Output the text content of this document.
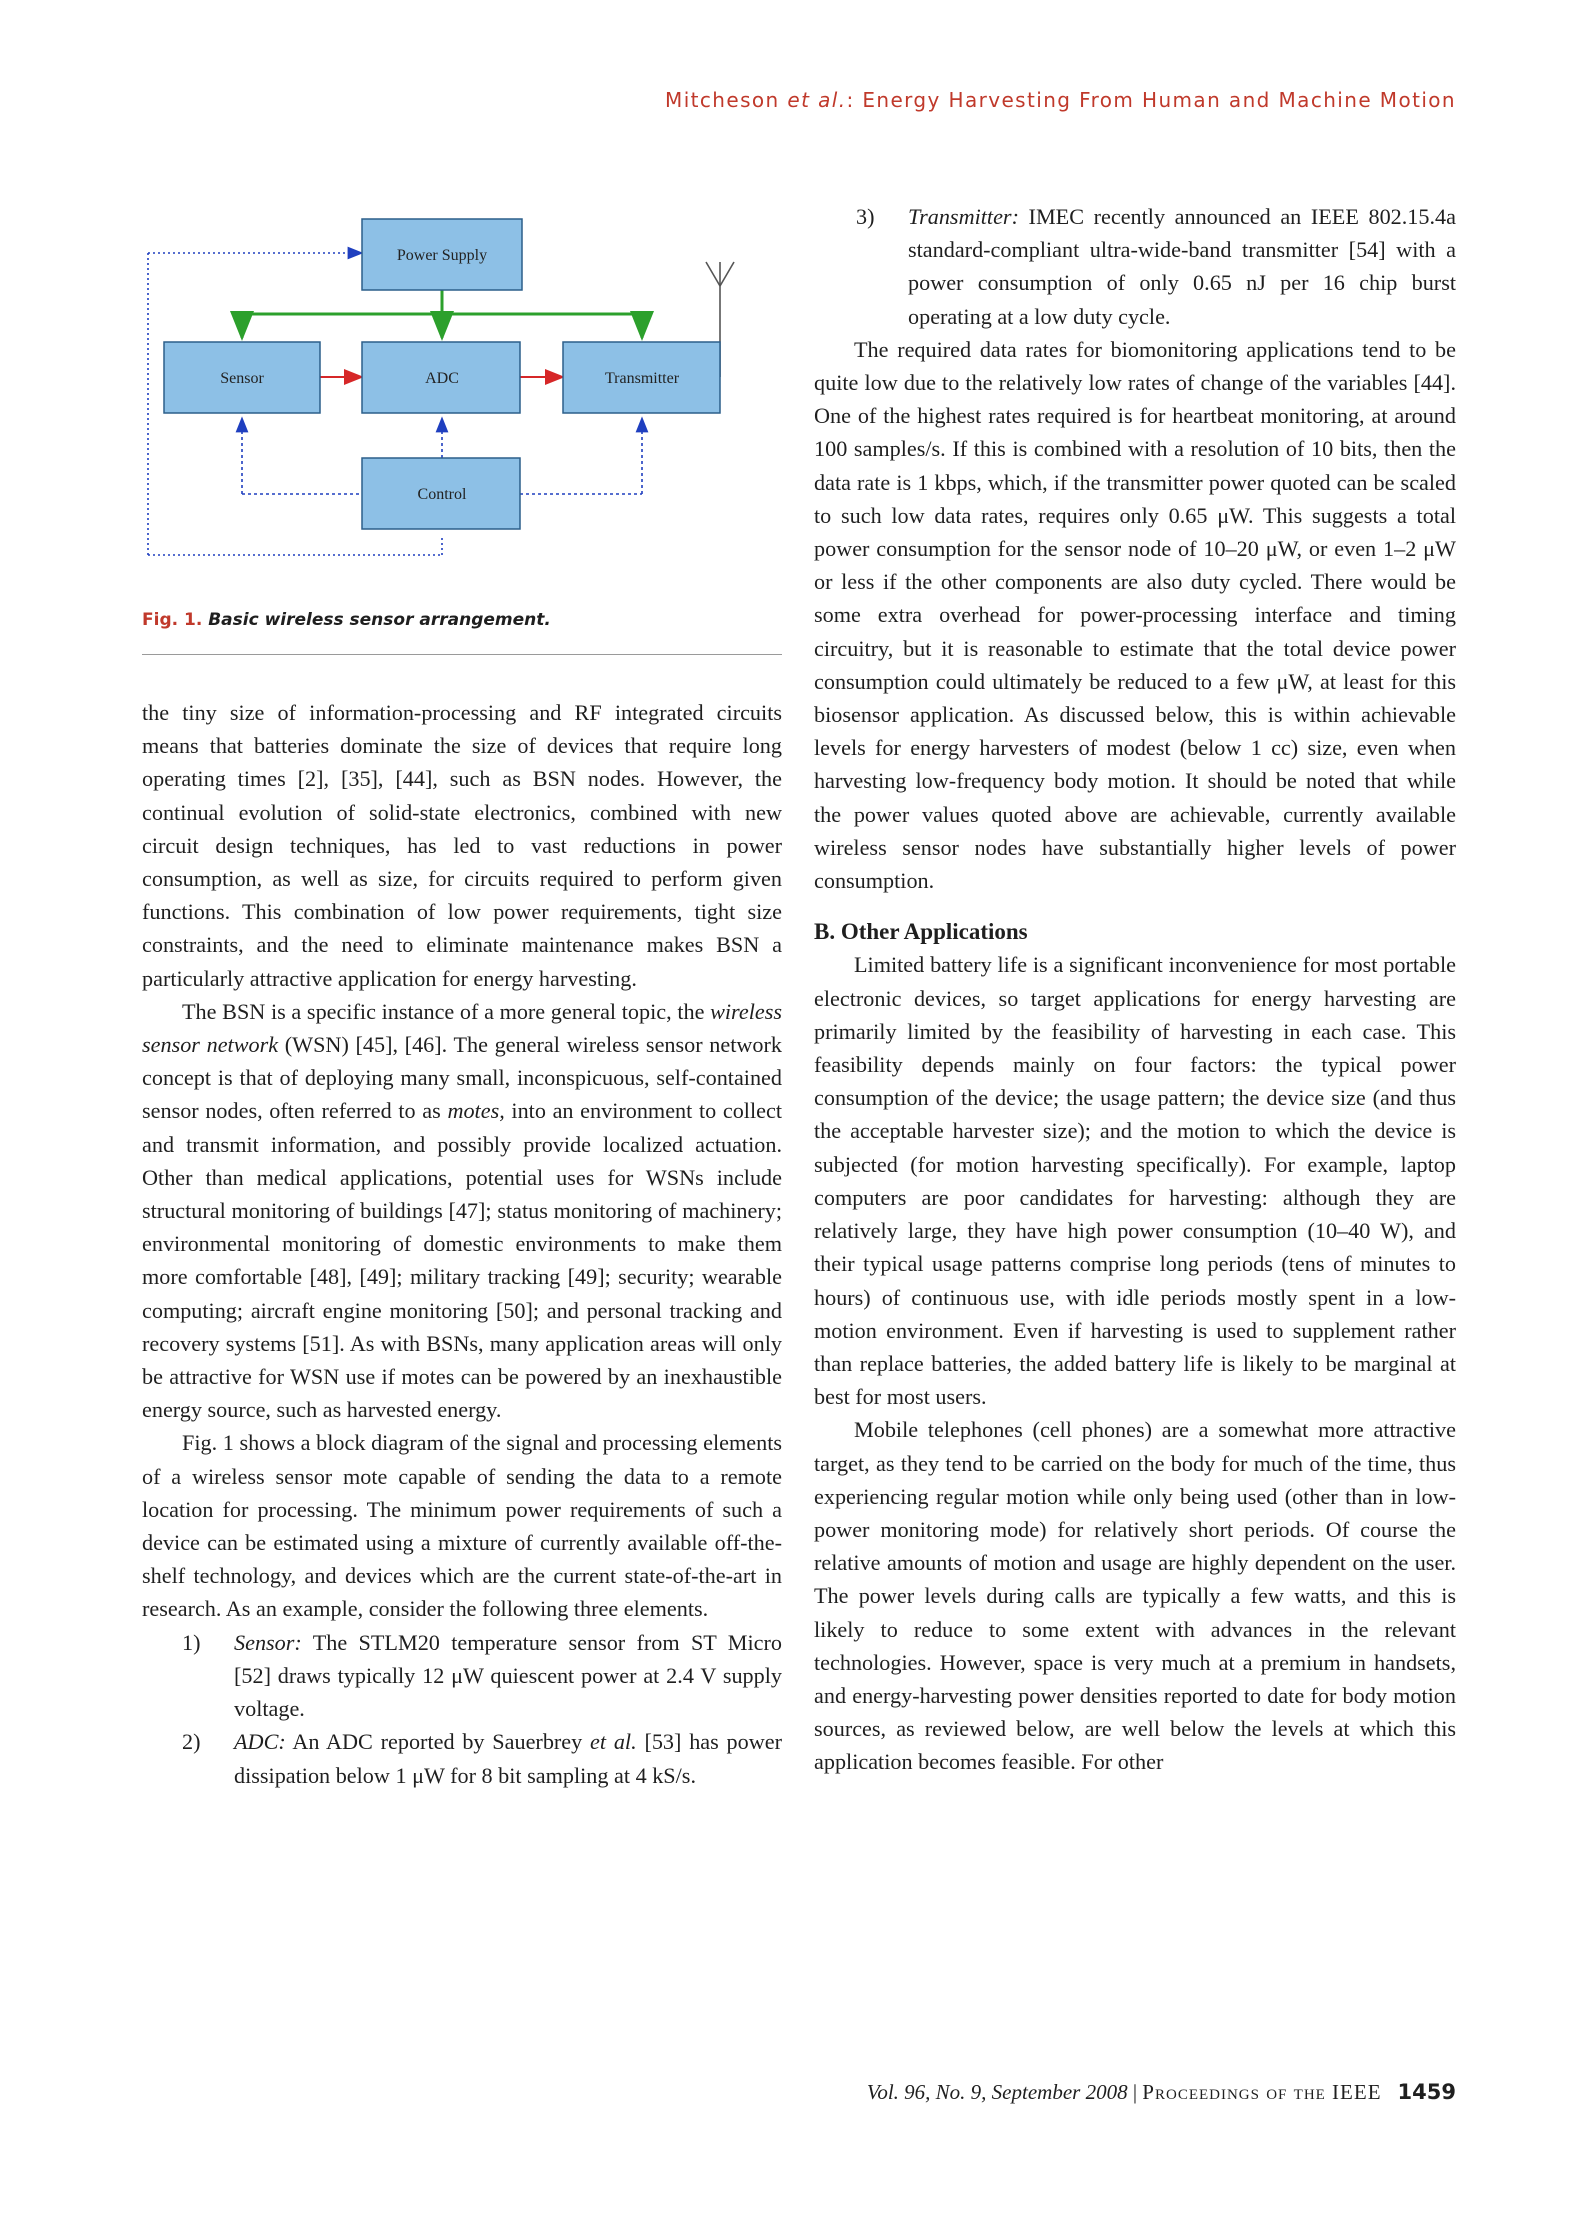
Mitcheson et al.: Energy Harvesting From Human and Machine Motion
Power Supply
Sensor	ADC	Transmitter
Control
Fig. 1. Basic wireless sensor arrangement.

the tiny size of information-processing and RF integrated circuits means that batteries dominate the size of devices that require long operating times [2], [35], [44], such as BSN nodes. However, the continual evolution of solid-state electronics, combined with new circuit design techniques, has led to vast reductions in power consumption, as well as size, for circuits required to perform given functions. This combination of low power requirements, tight size constraints, and the need to eliminate maintenance makes BSN a particularly attractive application for energy harvesting.

The BSN is a specific instance of a more general topic, the wireless sensor network (WSN) [45], [46]. The general wireless sensor network concept is that of deploying many small, inconspicuous, self-contained sensor nodes, often referred to as motes, into an environment to collect and transmit information, and possibly provide localized actuation. Other than medical applications, potential uses for WSNs include structural monitoring of buildings [47]; status monitoring of machinery; environmental monitoring of domestic environments to make them more comfortable [48], [49]; military tracking [49]; security; wearable computing; aircraft engine monitoring [50]; and personal tracking and recovery systems [51]. As with BSNs, many application areas will only be attractive for WSN use if motes can be powered by an inexhaustible energy source, such as harvested energy.

Fig. 1 shows a block diagram of the signal and processing elements of a wireless sensor mote capable of sending the data to a remote location for processing. The minimum power requirements of such a device can be estimated using a mixture of currently available off-the-shelf technology, and devices which are the current state-of-the-art in research. As an example, consider the following three elements.

1) Sensor: The STLM20 temperature sensor from ST Micro [52] draws typically 12 μW quiescent power at 2.4 V supply voltage.
2) ADC: An ADC reported by Sauerbrey et al. [53] has power dissipation below 1 μW for 8 bit sampling at 4 kS/s.
3) Transmitter: IMEC recently announced an IEEE 802.15.4a standard-compliant ultra-wide-band transmitter [54] with a power consumption of only 0.65 nJ per 16 chip burst operating at a low duty cycle.

The required data rates for biomonitoring applications tend to be quite low due to the relatively low rates of change of the variables [44]. One of the highest rates required is for heartbeat monitoring, at around 100 samples/s. If this is combined with a resolution of 10 bits, then the data rate is 1 kbps, which, if the transmitter power quoted can be scaled to such low data rates, requires only 0.65 μW. This suggests a total power consumption for the sensor node of 10–20 μW, or even 1–2 μW or less if the other components are also duty cycled. There would be some extra overhead for power-processing interface and timing circuitry, but it is reasonable to estimate that the total device power consumption could ultimately be reduced to a few μW, at least for this biosensor application. As discussed below, this is within achievable levels for energy harvesters of modest (below 1 cc) size, even when harvesting low-frequency body motion. It should be noted that while the power values quoted above are achievable, currently available wireless sensor nodes have substantially higher levels of power consumption.

B. Other Applications

Limited battery life is a significant inconvenience for most portable electronic devices, so target applications for energy harvesting are primarily limited by the feasibility of harvesting in each case. This feasibility depends mainly on four factors: the typical power consumption of the device; the usage pattern; the device size (and thus the acceptable harvester size); and the motion to which the device is subjected (for motion harvesting specifically). For example, laptop computers are poor candidates for harvesting: although they are relatively large, they have high power consumption (10–40 W), and their typical usage patterns comprise long periods (tens of minutes to hours) of continuous use, with idle periods mostly spent in a low-motion environment. Even if harvesting is used to supplement rather than replace batteries, the added battery life is likely to be marginal at best for most users.

Mobile telephones (cell phones) are a somewhat more attractive target, as they tend to be carried on the body for much of the time, thus experiencing regular motion while only being used (other than in low-power monitoring mode) for relatively short periods. Of course the relative amounts of motion and usage are highly dependent on the user. The power levels during calls are typically a few watts, and this is likely to reduce to some extent with advances in the relevant technologies. However, space is very much at a premium in handsets, and energy-harvesting power densities reported to date for body motion sources, as reviewed below, are well below the levels at which this application becomes feasible. For other

Vol. 96, No. 9, September 2008 | Proceedings of the IEEE 1459
